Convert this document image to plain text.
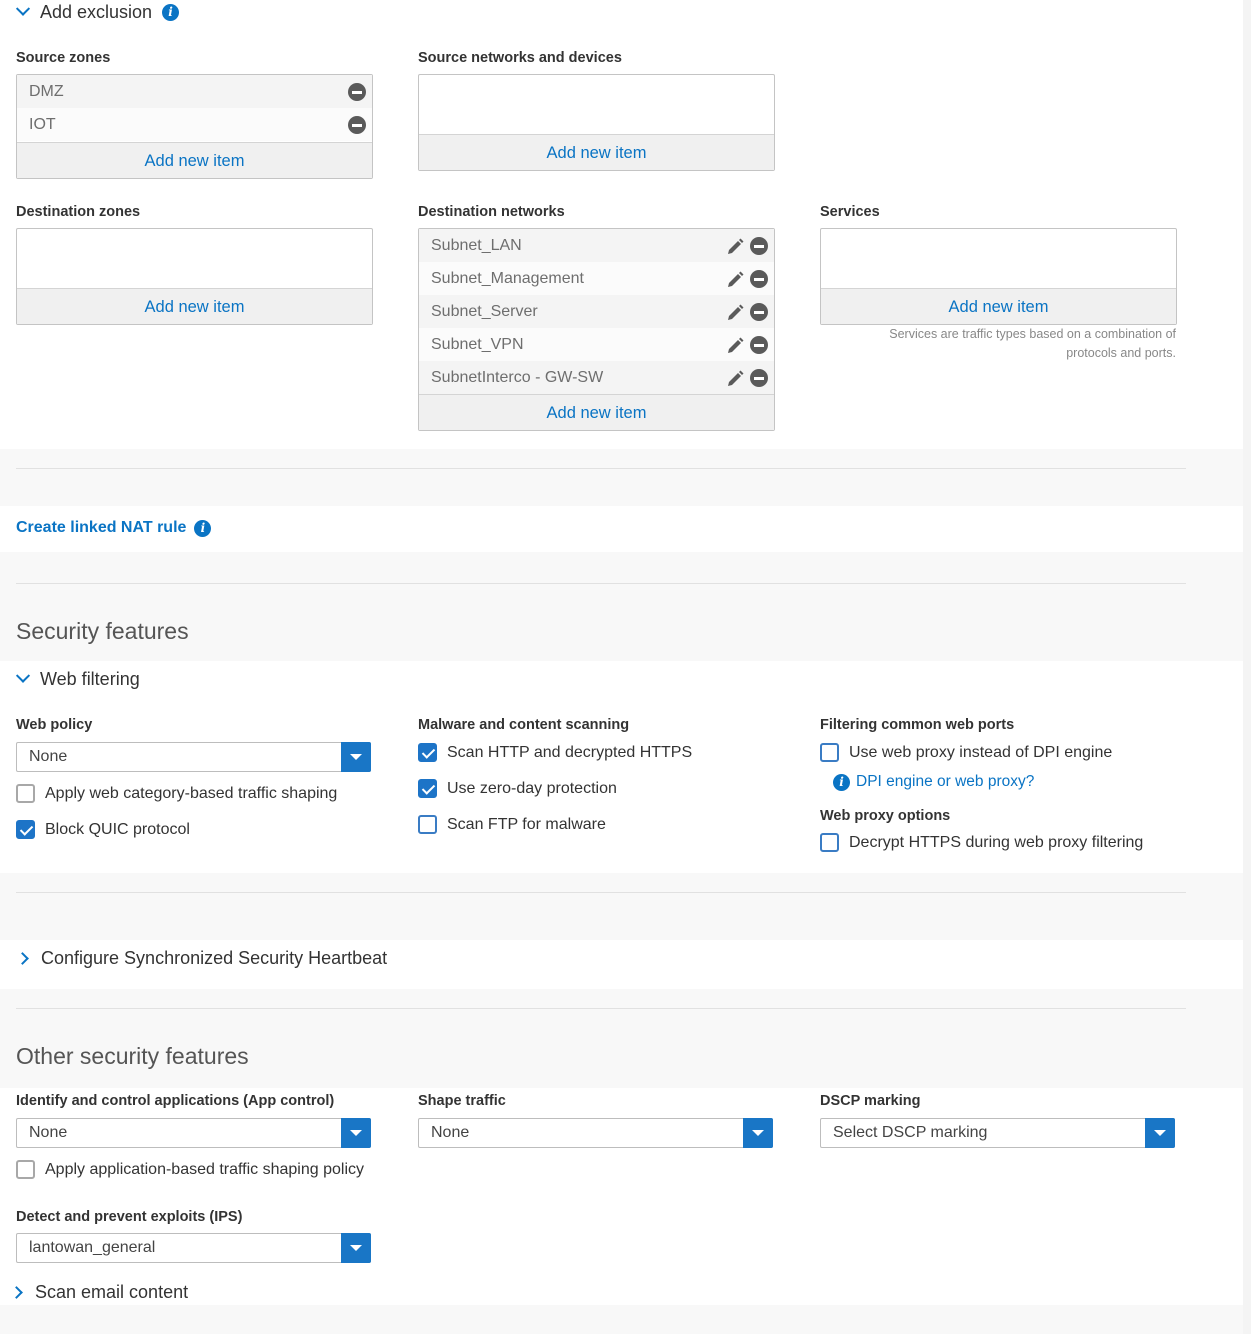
Add exclusion	i
Source zones
DMZ
IOT
Add new item
Source networks and devices
Add new item
Destination zones
Add new item
Destination networks
Subnet_LAN
Subnet_Management
Subnet_Server
Subnet_VPN
SubnetInterco - GW-SW
Add new item
Services
Add new item
Services are traffic types based on a combination of
protocols and ports.
Create linked NAT rule	i
Security features
Web filtering
Web policy
None
Apply web category-based traffic shaping
Block QUIC protocol
Malware and content scanning
Scan HTTP and decrypted HTTPS
Use zero-day protection
Scan FTP for malware
Filtering common web ports
Use web proxy instead of DPI engine
i DPI engine or web proxy?
Web proxy options
Decrypt HTTPS during web proxy filtering
Configure Synchronized Security Heartbeat
Other security features
Identify and control applications (App control)
None
Apply application-based traffic shaping policy
Shape traffic
None
DSCP marking
Select DSCP marking
Detect and prevent exploits (IPS)
lantowan_general
Scan email content
